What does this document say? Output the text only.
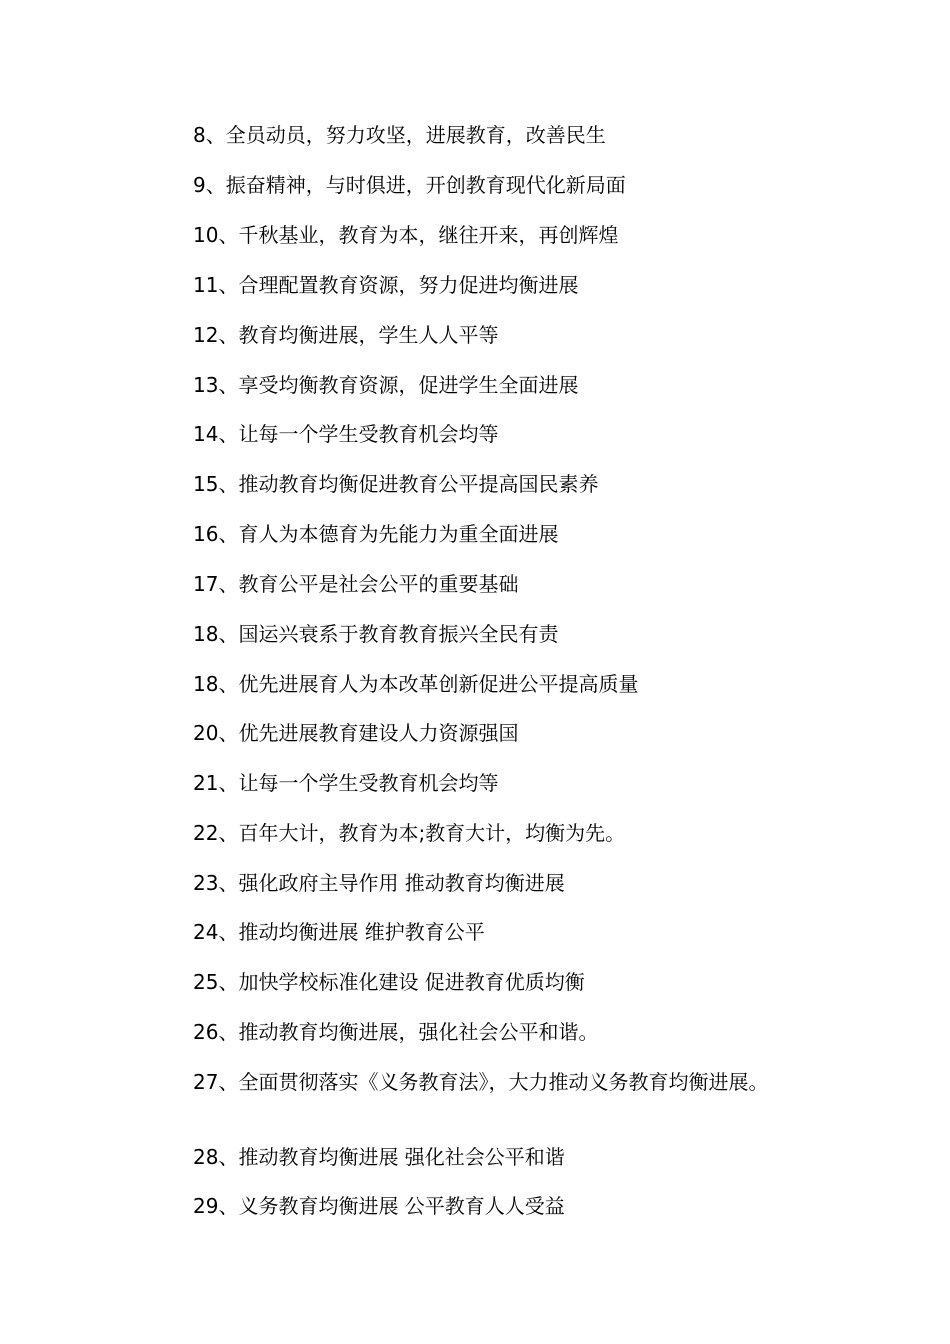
8、全员动员，努力攻坚，进展教育，改善民生

9、振奋精神，与时俱进，开创教育现代化新局面

10、千秋基业，教育为本，继往开来，再创辉煌

11、合理配置教育资源，努力促进均衡进展

12、教育均衡进展，学生人人平等

13、享受均衡教育资源，促进学生全面进展

14、让每一个学生受教育机会均等

15、推动教育均衡促进教育公平提高国民素养

16、育人为本德育为先能力为重全面进展

17、教育公平是社会公平的重要基础

18、国运兴衰系于教育教育振兴全民有责

18、优先进展育人为本改革创新促进公平提高质量

20、优先进展教育建设人力资源强国

21、让每一个学生受教育机会均等

22、百年大计，教育为本;教育大计，均衡为先。

23、强化政府主导作用 推动教育均衡进展

24、推动均衡进展 维护教育公平

25、加快学校标准化建设 促进教育优质均衡

26、推动教育均衡进展，强化社会公平和谐。

27、全面贯彻落实《义务教育法》，大力推动义务教育均衡进展。

28、推动教育均衡进展 强化社会公平和谐

29、义务教育均衡进展 公平教育人人受益
